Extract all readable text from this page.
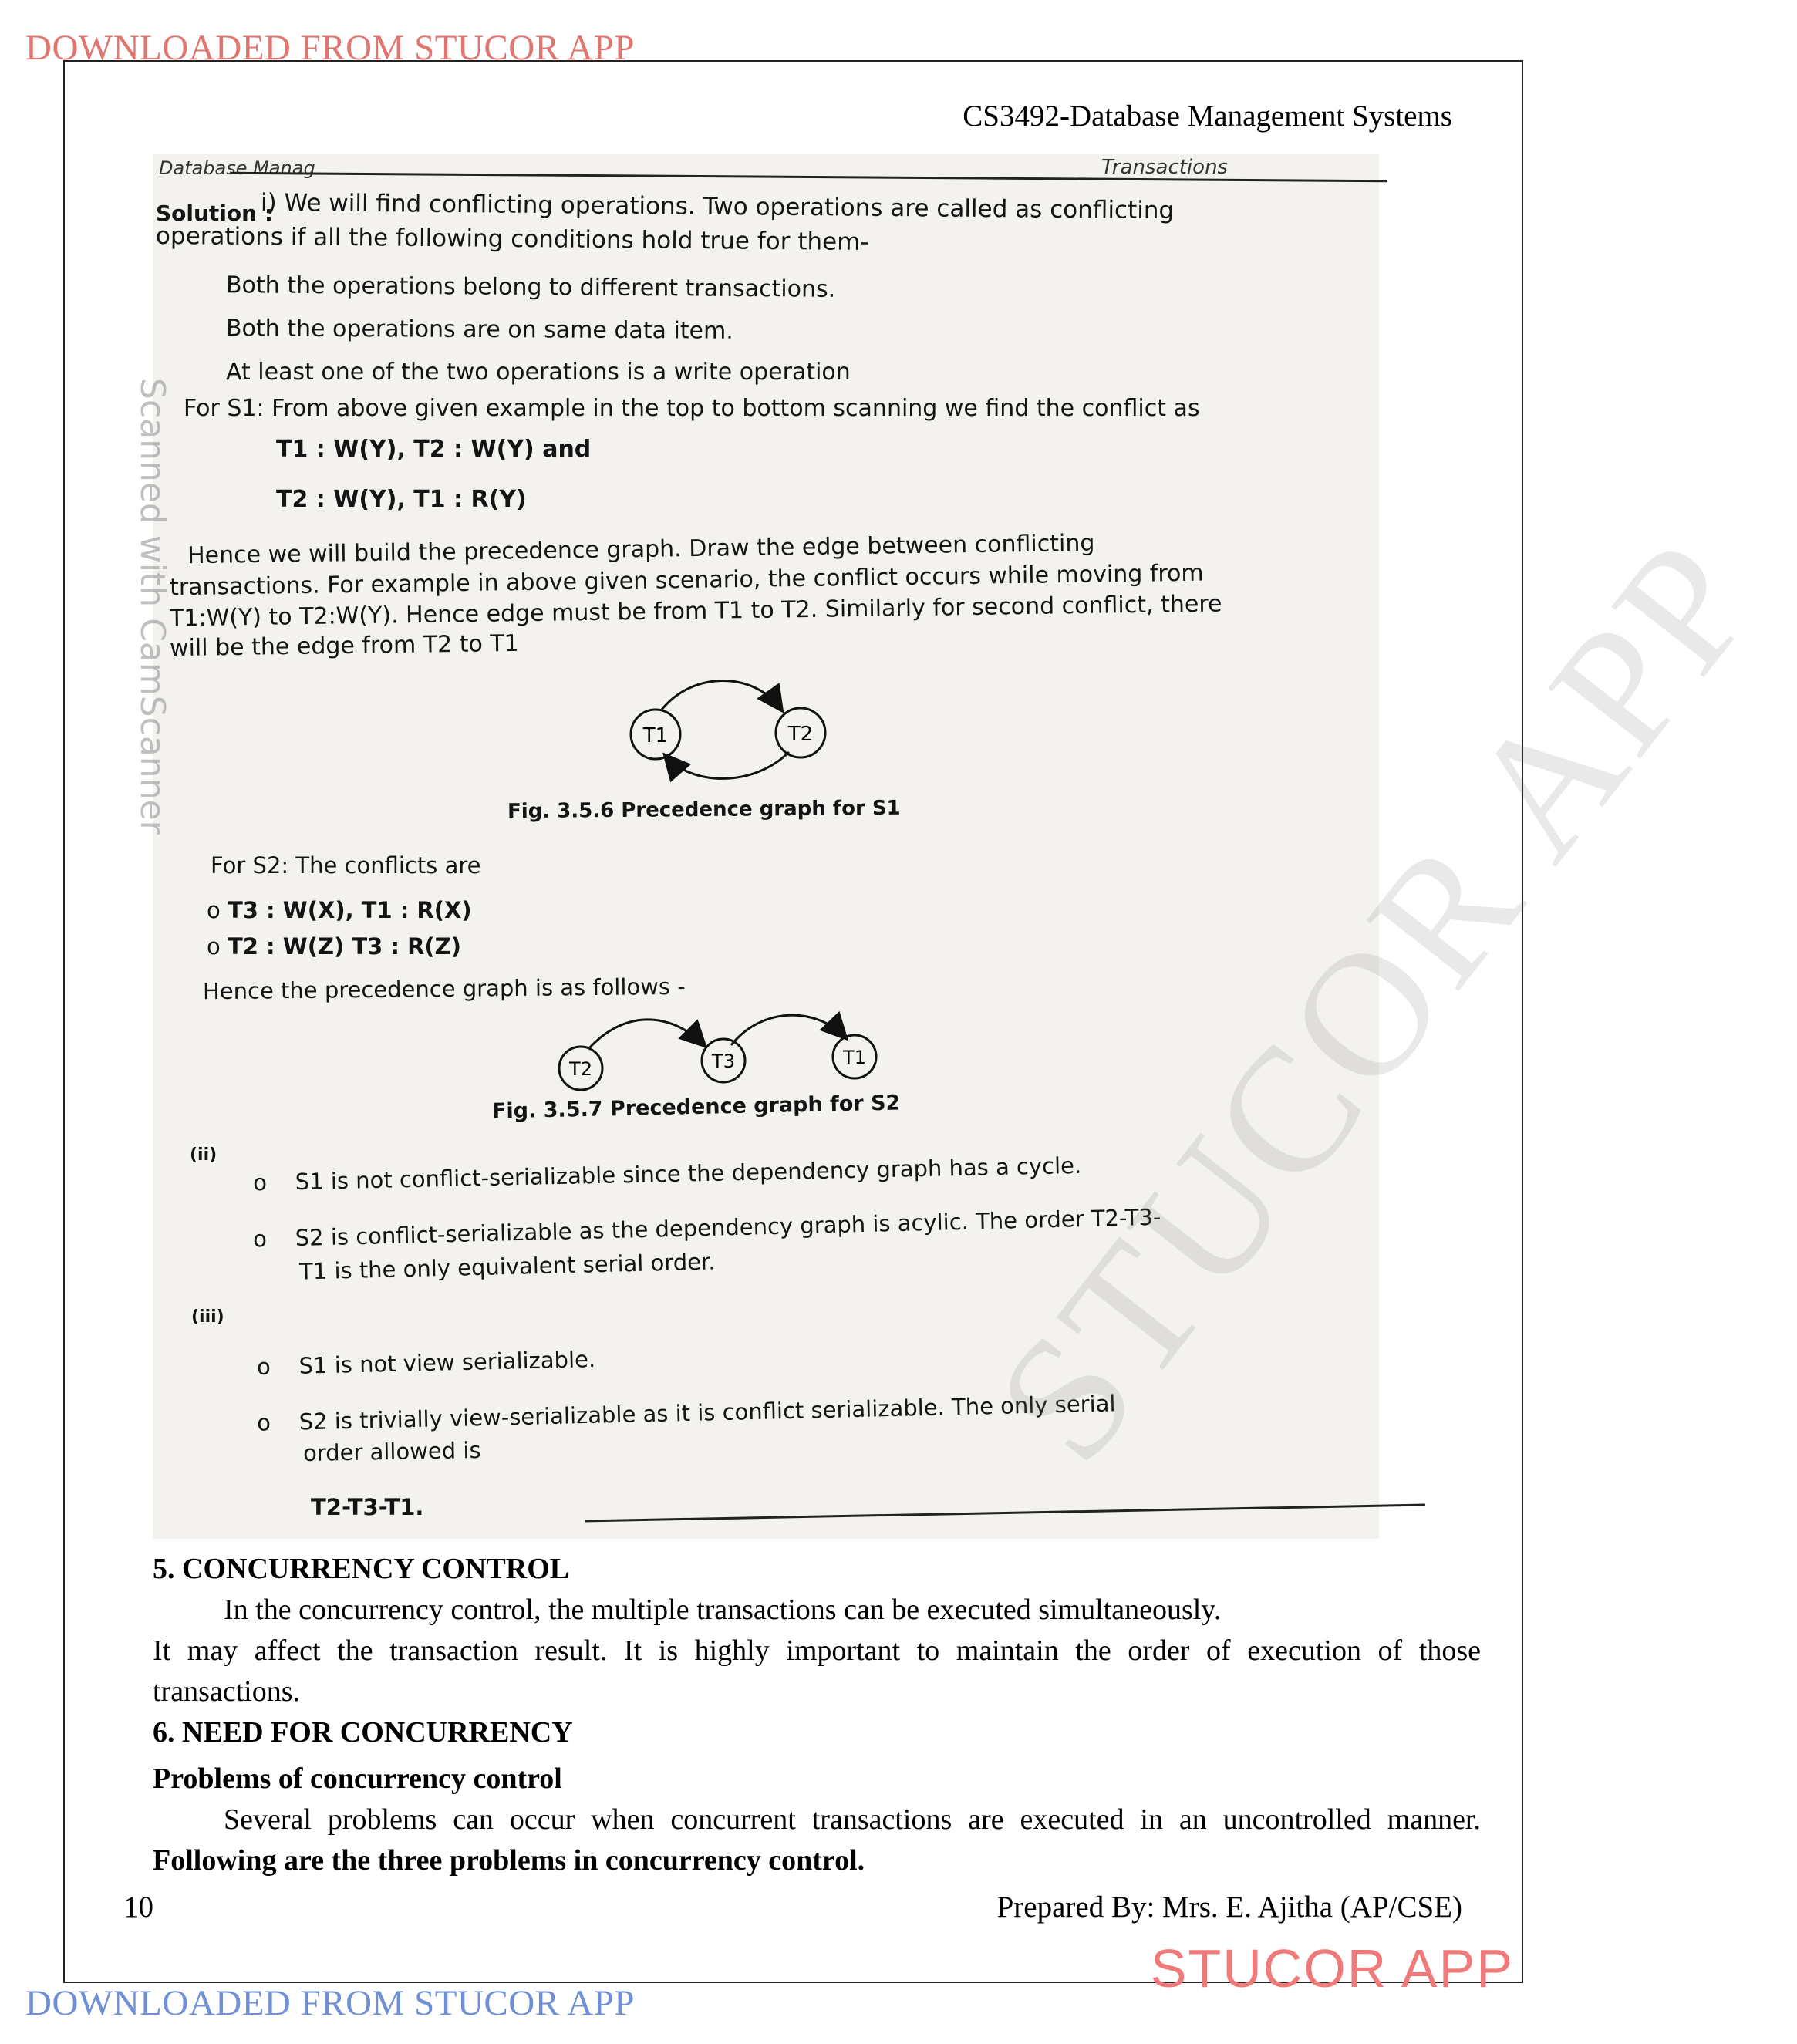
DOWNLOADED FROM STUCOR APP
CS3492-Database Management Systems
Database Manag	Transactions
Scanned with CamScanner
Solution :
i) We will find conflicting operations. Two operations are called as conflicting
operations if all the following conditions hold true for them-
Both the operations belong to different transactions.
Both the operations are on same data item.
At least one of the two operations is a write operation
For S1: From above given example in the top to bottom scanning we find the conflict as
T1 : W(Y), T2 : W(Y) and
T2 : W(Y), T1 : R(Y)
Hence we will build the precedence graph. Draw the edge between conflicting
transactions. For example in above given scenario, the conflict occurs while moving from
T1:W(Y) to T2:W(Y). Hence edge must be from T1 to T2. Similarly for second conflict, there
will be the edge from T2 to T1
T1	T2
Fig. 3.5.6 Precedence graph for S1
For S2: The conflicts are
o T3 : W(X), T1 : R(X)
o T2 : W(Z) T3 : R(Z)
Hence the precedence graph is as follows -
T2	T3	T1
Fig. 3.5.7 Precedence graph for S2
(ii)
o    S1 is not conflict-serializable since the dependency graph has a cycle.
o    S2 is conflict-serializable as the dependency graph is acylic. The order T2-T3-
T1 is the only equivalent serial order.
(iii)
o    S1 is not view serializable.
o    S2 is trivially view-serializable as it is conflict serializable. The only serial
order allowed is
T2-T3-T1.
STUCOR APP
5. CONCURRENCY CONTROL
In the concurrency control, the multiple transactions can be executed simultaneously.
It may affect the transaction result. It is highly important to maintain the order of execution of those
transactions.
6. NEED FOR CONCURRENCY
Problems of concurrency control
Several problems can occur when concurrent transactions are executed in an uncontrolled manner.
Following are the three problems in concurrency control.
10	Prepared By: Mrs. E. Ajitha (AP/CSE)
STUCOR APP
DOWNLOADED FROM STUCOR APP
